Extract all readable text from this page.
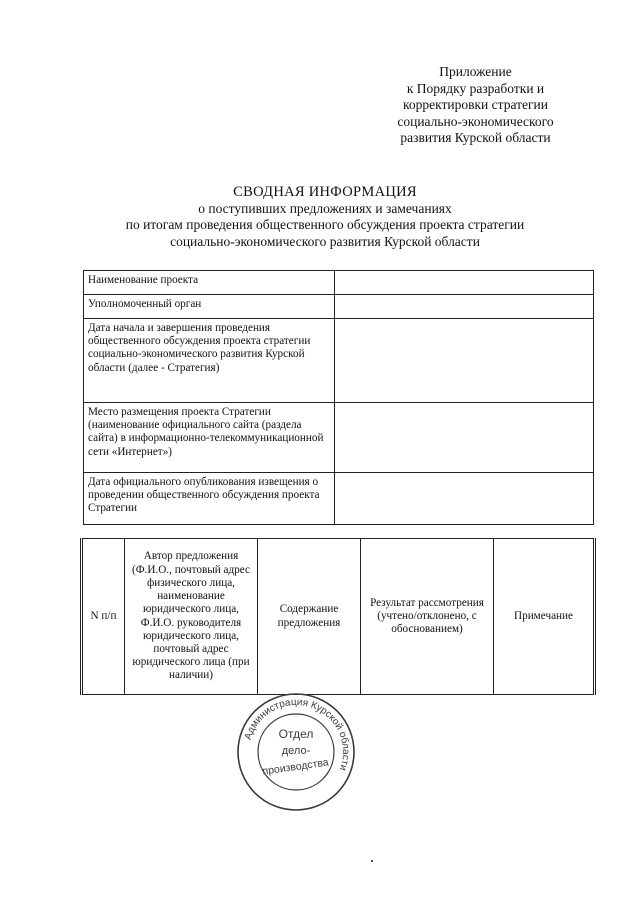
Приложение
к Порядку разработки и
корректировки стратегии
социально-экономического
развития Курской области
СВОДНАЯ ИНФОРМАЦИЯ
о поступивших предложениях и замечаниях
по итогам проведения общественного обсуждения проекта стратегии
социально-экономического развития Курской области
Наименование проекта	
Уполномоченный орган	
Дата начала и завершения проведения общественного обсуждения проекта стратегии социально-экономического развития Курской области (далее - Стратегия)	
Место размещения проекта Стратегии (наименование официального сайта (раздела сайта) в информационно-телекоммуникационной сети «Интернет»)	
Дата официального опубликования извещения о проведении общественного обсуждения проекта Стратегии	
N п/п	Автор предложения (Ф.И.О., почтовый адрес физического лица, наименование юридического лица, Ф.И.О. руководителя юридического лица, почтовый адрес юридического лица (при наличии)	Содержание предложения	Результат рассмотрения (учтено/отклонено, с обоснованием)	Примечание
Администрация Курской области
Отдел
дело-
производства
